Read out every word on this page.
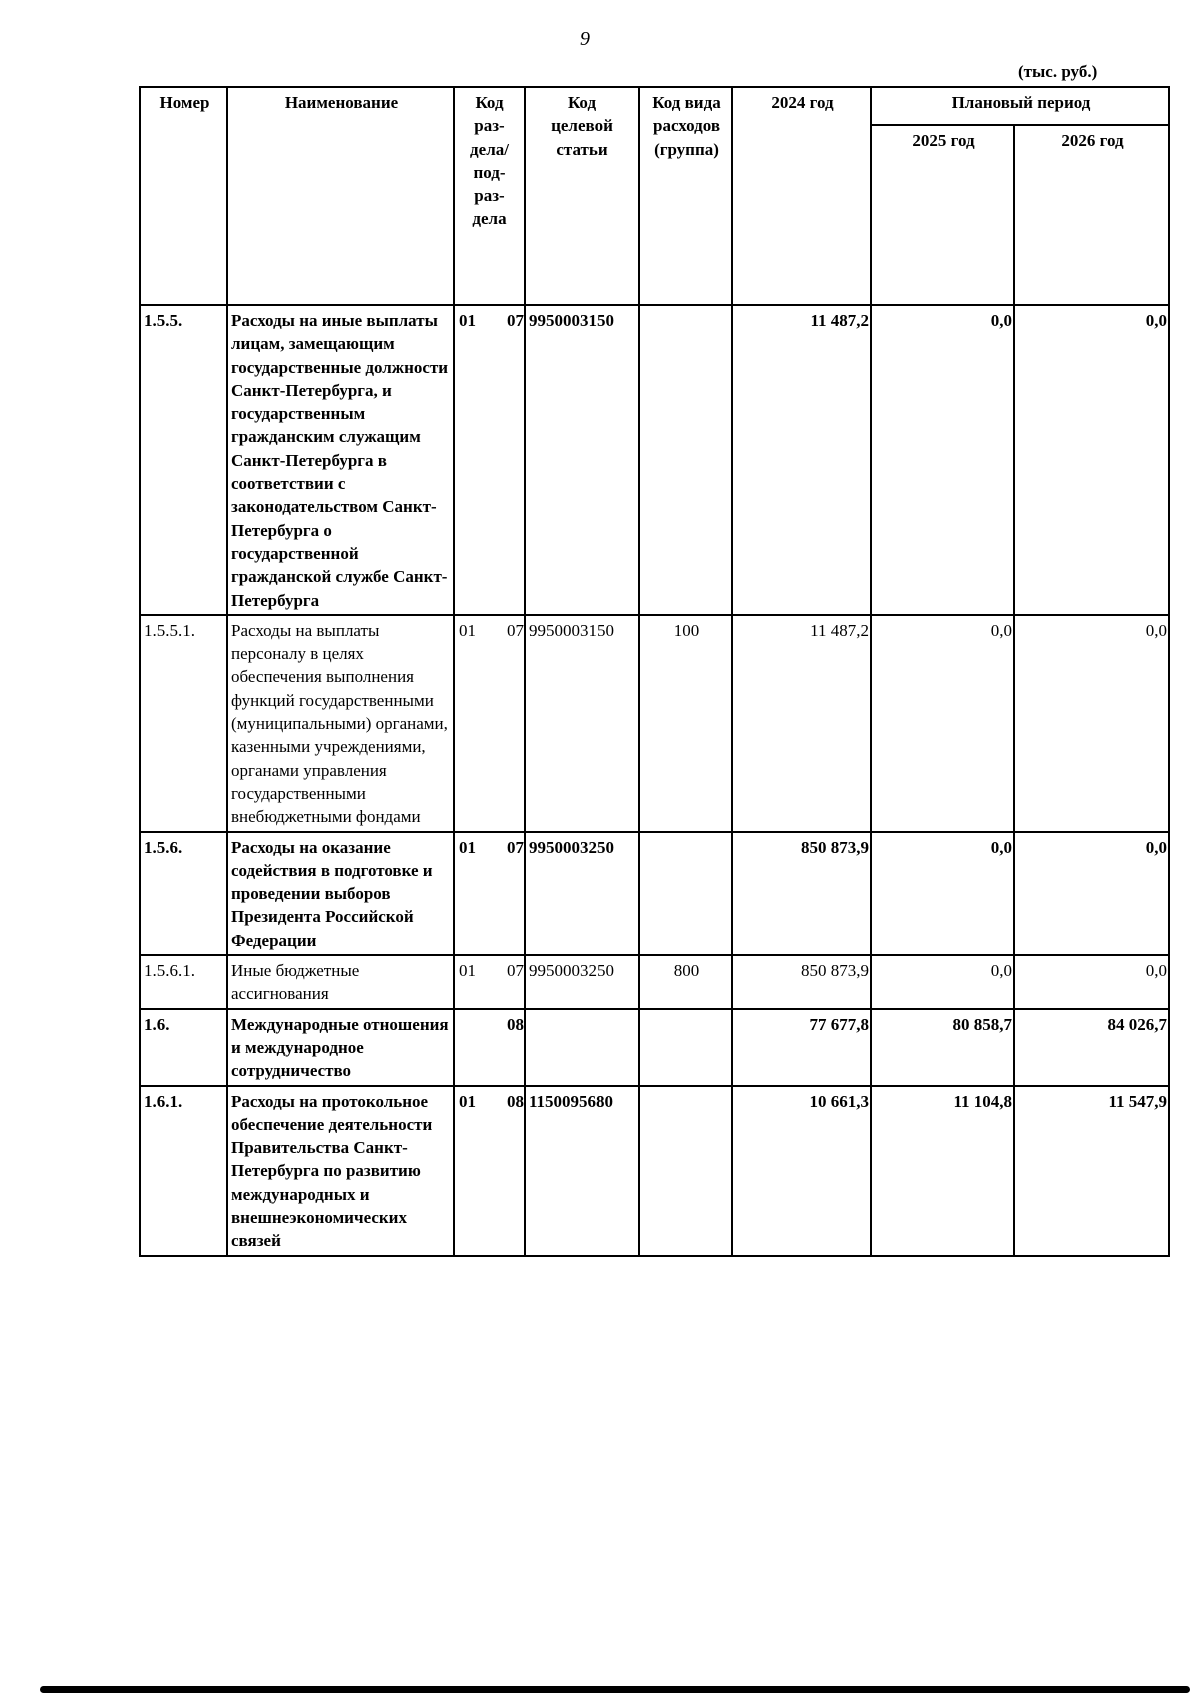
9
(тыс. руб.)
Номер	Наименование	Код раз-дела/ под-раз-дела	Код целевой статьи	Код вида расходов (группа)	2024 год	Плановый период	
						2025 год	2026 год
1.5.5.	Расходы на иные выплаты лицам, замещающим государственные должности Санкт-Петербурга, и государственным гражданским служащим Санкт-Петербурга в соответствии с законодательством Санкт-Петербурга о государственной гражданской службе Санкт-Петербурга	01 07	9950003150		11 487,2	0,0	0,0
1.5.5.1.	Расходы на выплаты персоналу в целях обеспечения выполнения функций государственными (муниципальными) органами, казенными учреждениями, органами управления государственными внебюджетными фондами	01 07	9950003150	100	11 487,2	0,0	0,0
1.5.6.	Расходы на оказание содействия в подготовке и проведении выборов Президента Российской Федерации	01 07	9950003250		850 873,9	0,0	0,0
1.5.6.1.	Иные бюджетные ассигнования	01 07	9950003250	800	850 873,9	0,0	0,0
1.6.	Международные отношения и международное сотрудничество	08			77 677,8	80 858,7	84 026,7
1.6.1.	Расходы на протокольное обеспечение деятельности Правительства Санкт-Петербурга по развитию международных и внешнеэкономических связей	01 08	1150095680		10 661,3	11 104,8	11 547,9
